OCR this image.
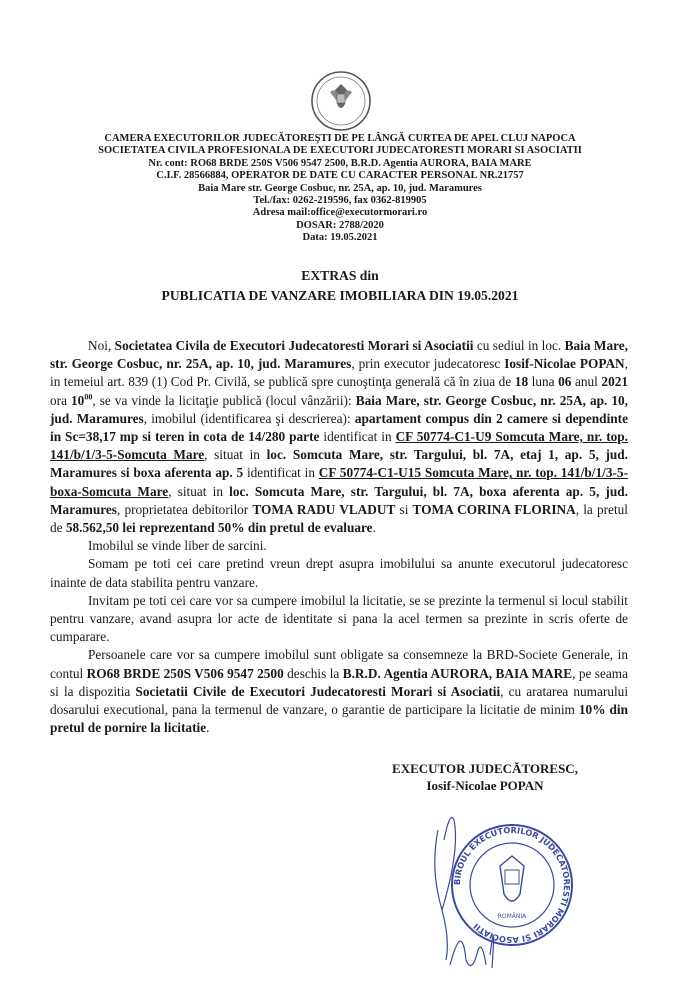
CAMERA EXECUTORILOR JUDECĂTOREŞTI DE PE LÂNGĂ CURTEA DE APEL CLUJ NAPOCA
SOCIETATEA CIVILA PROFESIONALA DE EXECUTORI JUDECATORESTI MORARI SI ASOCIATII
Nr. cont: RO68 BRDE 250S V506 9547 2500, B.R.D. Agentia AURORA, BAIA MARE
C.I.F. 28566884, OPERATOR DE DATE CU CARACTER PERSONAL NR.21757
Baia Mare str. George Cosbuc, nr. 25A, ap. 10, jud. Maramures
Tel./fax: 0262-219596, fax 0362-819905
Adresa mail:office@executormorari.ro
DOSAR: 2788/2020
Data: 19.05.2021
EXTRAS din
PUBLICATIA DE VANZARE IMOBILIARA DIN 19.05.2021

Noi, Societatea Civila de Executori Judecatoresti Morari si Asociatii cu sediul in loc. Baia Mare, str. George Cosbuc, nr. 25A, ap. 10, jud. Maramures, prin executor judecatoresc Iosif-Nicolae POPAN, in temeiul art. 839 (1) Cod Pr. Civilă, se publică spre cunoştinţa generală că în ziua de 18 luna 06 anul 2021 ora $10^{00}$, se va vinde la licitaţie publică (locul vânzării): Baia Mare, str. George Cosbuc, nr. 25A, ap. 10, jud. Maramures, imobilul (identificarea şi descrierea): apartament compus din 2 camere si dependinte in Sc=38,17 mp si teren in cota de 14/280 parte identificat in CF 50774-C1-U9 Somcuta Mare, nr. top. 141/b/1/3-5-Somcuta Mare, situat in loc. Somcuta Mare, str. Targului, bl. 7A, etaj 1, ap. 5, jud. Maramures si boxa aferenta ap. 5 identificat in CF 50774-C1-U15 Somcuta Mare, nr. top. 141/b/1/3-5-boxa-Somcuta Mare, situat in loc. Somcuta Mare, str. Targului, bl. 7A, boxa aferenta ap. 5, jud. Maramures, proprietatea debitorilor TOMA RADU VLADUT si TOMA CORINA FLORINA, la pretul de 58.562,50 lei reprezentand 50% din pretul de evaluare.

Imobilul se vinde liber de sarcini.

Somam pe toti cei care pretind vreun drept asupra imobilului sa anunte executorul judecatoresc inainte de data stabilita pentru vanzare.

Invitam pe toti cei care vor sa cumpere imobilul la licitatie, se se prezinte la termenul si locul stabilit pentru vanzare, avand asupra lor acte de identitate si pana la acel termen sa prezinte in scris oferte de cumparare.

Persoanele care vor sa cumpere imobilul sunt obligate sa consemneze la BRD-Societe Generale, in contul RO68 BRDE 250S V506 9547 2500 deschis la B.R.D. Agentia AURORA, BAIA MARE, pe seama si la dispozitia Societatii Civile de Executori Judecatoresti Morari si Asociatii, cu aratarea numarului dosarului executional, pana la termenul de vanzare, o garantie de participare la licitatie de minim 10% din pretul de pornire la licitatie.

EXECUTOR JUDECĂTORESC,
Iosif-Nicolae POPAN
BIROUL EXECUTORILOR JUDECATORESTI MORARI SI ASOCIATII
ROMÂNIA
